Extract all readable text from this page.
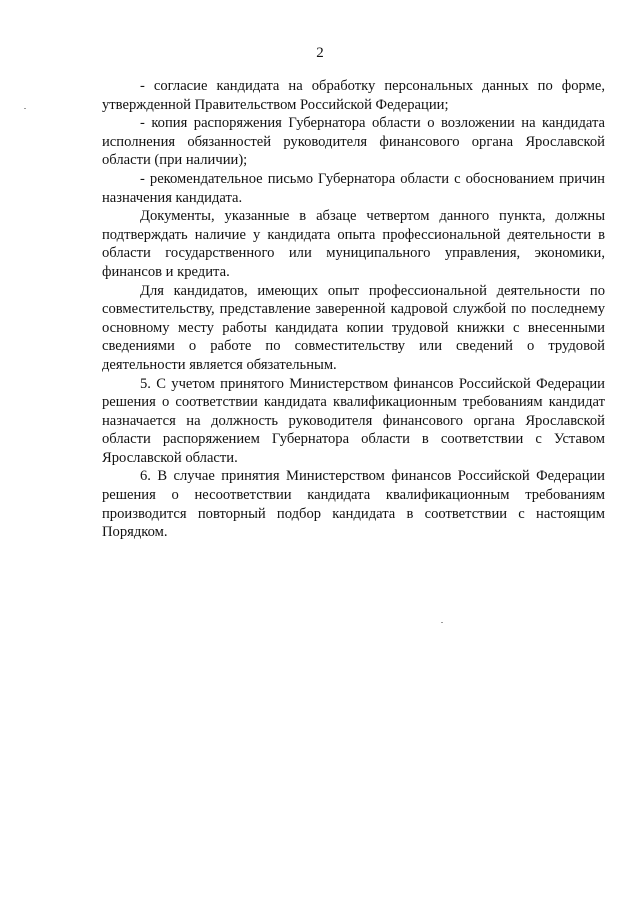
2

- согласие кандидата на обработку персональных данных по форме, утвержденной Правительством Российской Федерации;

- копия распоряжения Губернатора области о возложении на кандидата исполнения обязанностей руководителя финансового органа Ярославской области (при наличии);

- рекомендательное письмо Губернатора области с обоснованием причин назначения кандидата.

Документы, указанные в абзаце четвертом данного пункта, должны подтверждать наличие у кандидата опыта профессиональной деятельности в области государственного или муниципального управления, экономики, финансов и кредита.

Для кандидатов, имеющих опыт профессиональной деятельности по совместительству, представление заверенной кадровой службой по последнему основному месту работы кандидата копии трудовой книжки с внесенными сведениями о работе по совместительству или сведений о трудовой деятельности является обязательным.

5. С учетом принятого Министерством финансов Российской Федерации решения о соответствии кандидата квалификационным требованиям кандидат назначается на должность руководителя финансового органа Ярославской области распоряжением Губернатора области в соответствии с Уставом Ярославской области.

6. В случае принятия Министерством финансов Российской Федерации решения о несоответствии кандидата квалификационным требованиям производится повторный подбор кандидата в соответствии с настоящим Порядком.
